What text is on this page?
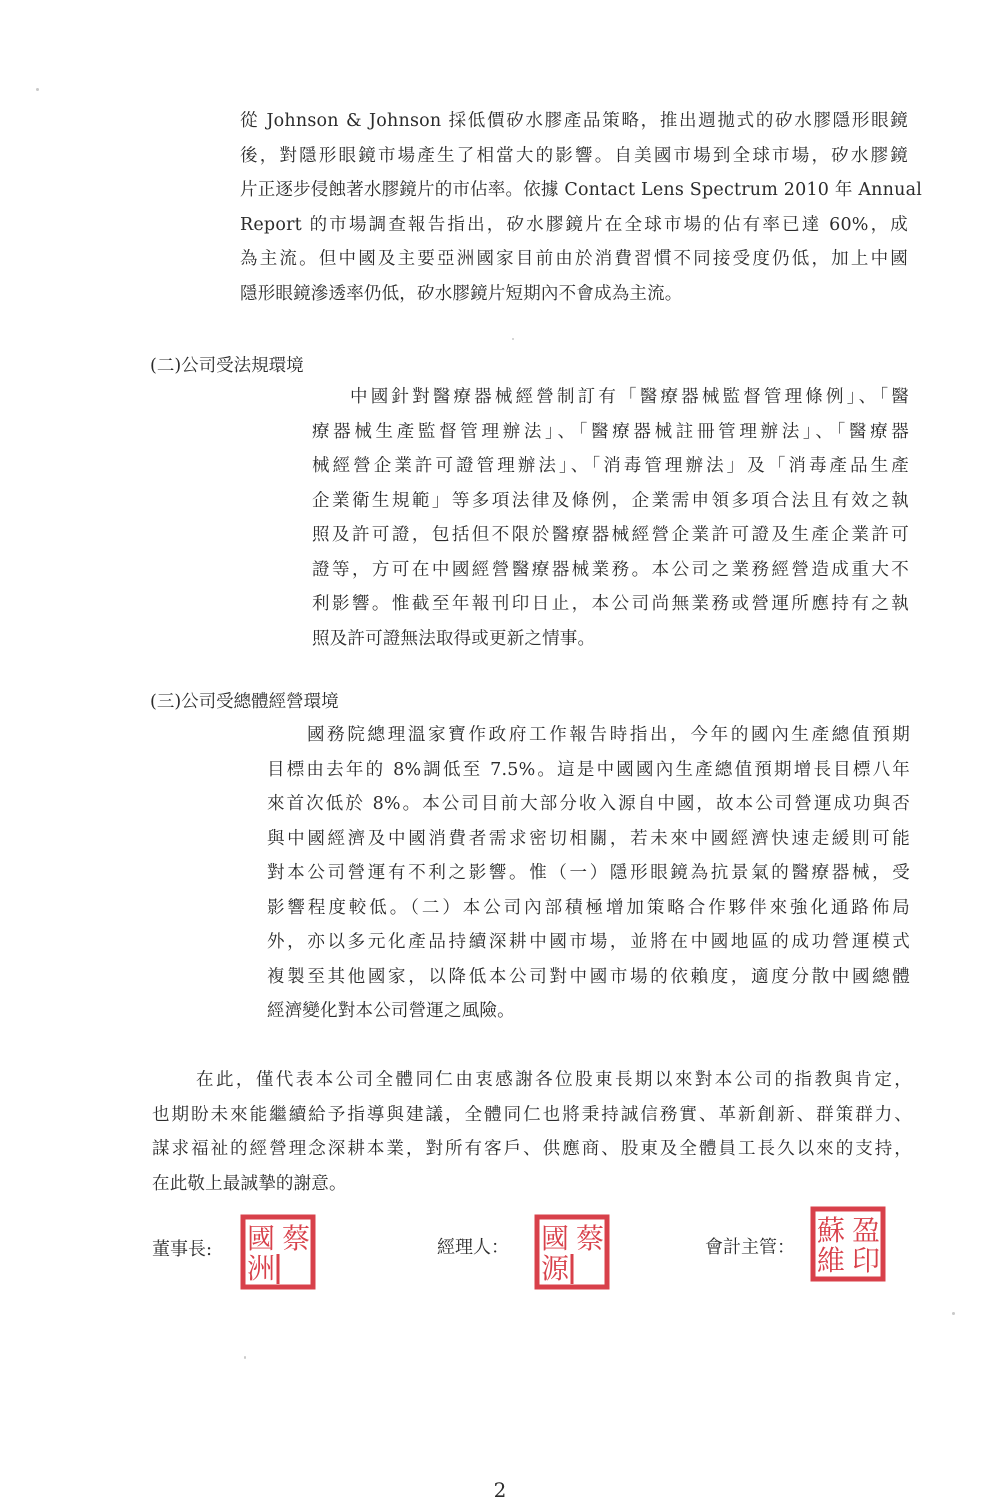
從 Johnson & Johnson 採低價矽水膠產品策略，推出週拋式的矽水膠隱形眼鏡
後，對隱形眼鏡市場產生了相當大的影響。自美國市場到全球市場，矽水膠鏡
片正逐步侵蝕著水膠鏡片的市佔率。依據 Contact Lens Spectrum 2010 年 Annual
Report 的市場調查報告指出，矽水膠鏡片在全球市場的佔有率已達 60%，成
為主流。但中國及主要亞洲國家目前由於消費習慣不同接受度仍低，加上中國
隱形眼鏡滲透率仍低，矽水膠鏡片短期內不會成為主流。
(二)公司受法規環境
中國針對醫療器械經營制訂有「醫療器械監督管理條例」、「醫
療器械生產監督管理辦法」、「醫療器械註冊管理辦法」、「醫療器
械經營企業許可證管理辦法」、「消毒管理辦法」及「消毒產品生產
企業衛生規範」等多項法律及條例，企業需申領多項合法且有效之執
照及許可證，包括但不限於醫療器械經營企業許可證及生產企業許可
證等，方可在中國經營醫療器械業務。本公司之業務經營造成重大不
利影響。惟截至年報刊印日止，本公司尚無業務或營運所應持有之執
照及許可證無法取得或更新之情事。
(三)公司受總體經營環境
國務院總理溫家寶作政府工作報告時指出，今年的國內生產總值預期
目標由去年的 8%調低至 7.5%。這是中國國內生產總值預期增長目標八年
來首次低於 8%。本公司目前大部分收入源自中國，故本公司營運成功與否
與中國經濟及中國消費者需求密切相關，若未來中國經濟快速走緩則可能
對本公司營運有不利之影響。惟（一）隱形眼鏡為抗景氣的醫療器械，受
影響程度較低。（二）本公司內部積極增加策略合作夥伴來強化通路佈局
外，亦以多元化產品持續深耕中國市場，並將在中國地區的成功營運模式
複製至其他國家，以降低本公司對中國市場的依賴度，適度分散中國總體
經濟變化對本公司營運之風險。
在此，僅代表本公司全體同仁由衷感謝各位股東長期以來對本公司的指教與肯定，
也期盼未來能繼續給予指導與建議，全體同仁也將秉持誠信務實、革新創新、群策群力、
謀求福祉的經營理念深耕本業，對所有客戶、供應商、股東及全體員工長久以來的支持，
在此敬上最誠摯的謝意。
董事長: 蔡
國
洲
經理人： 蔡
國
源
會計主管：
蘇 盈
維 印
2
